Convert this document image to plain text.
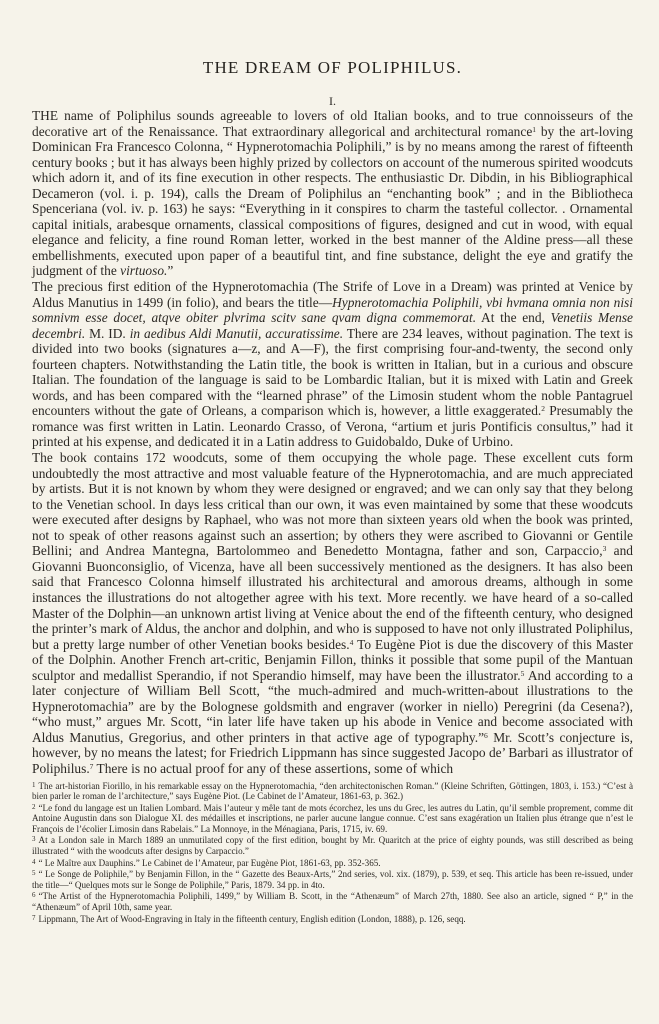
THE DREAM OF POLIPHILUS.
I.

THE name of Poliphilus sounds agreeable to lovers of old Italian books, and to true connoisseurs of the decorative art of the Renaissance. That extraordinary allegorical and architectural romance$^1$ by the art-loving Dominican Fra Francesco Colonna, “ Hypnerotomachia Poliphili,” is by no means among the rarest of fifteenth century books ; but it has always been highly prized by collectors on account of the numerous spirited woodcuts which adorn it, and of its fine execution in other respects. The enthusiastic Dr. Dibdin, in his Bibliographical Decameron (vol. i. p. 194), calls the Dream of Poliphilus an “enchanting book” ; and in the Bibliotheca Spenceriana (vol. iv. p. 163) he says: “Everything in it conspires to charm the tasteful collector. . Ornamental capital initials, arabesque ornaments, classical compositions of figures, designed and cut in wood, with equal elegance and felicity, a fine round Roman letter, worked in the best manner of the Aldine press—all these embellishments, executed upon paper of a beautiful tint, and fine substance, delight the eye and gratify the judgment of the virtuoso.”

The precious first edition of the Hypnerotomachia (The Strife of Love in a Dream) was printed at Venice by Aldus Manutius in 1499 (in folio), and bears the title—Hypnerotomachia Poliphili, vbi hvmana omnia non nisi somnivm esse docet, atqve obiter plvrima scitv sane qvam digna commemorat. At the end, Venetiis Mense decembri. M. ID. in aedibus Aldi Manutii, accuratissime. There are 234 leaves, without pagination. The text is divided into two books (signatures a—z, and A—F), the first comprising four-and-twenty, the second only fourteen chapters. Notwithstanding the Latin title, the book is written in Italian, but in a curious and obscure Italian. The foundation of the language is said to be Lombardic Italian, but it is mixed with Latin and Greek words, and has been compared with the “learned phrase” of the Limosin student whom the noble Pantagruel encounters without the gate of Orleans, a comparison which is, however, a little exaggerated.$^2$ Presumably the romance was first written in Latin. Leonardo Crasso, of Verona, “artium et juris Pontificis consultus,” had it printed at his expense, and dedicated it in a Latin address to Guidobaldo, Duke of Urbino.

The book contains 172 woodcuts, some of them occupying the whole page. These excellent cuts form undoubtedly the most attractive and most valuable feature of the Hypnerotomachia, and are much appreciated by artists. But it is not known by whom they were designed or engraved; and we can only say that they belong to the Venetian school. In days less critical than our own, it was even maintained by some that these woodcuts were executed after designs by Raphael, who was not more than sixteen years old when the book was printed, not to speak of other reasons against such an assertion; by others they were ascribed to Giovanni or Gentile Bellini; and Andrea Mantegna, Bartolommeo and Benedetto Montagna, father and son, Carpaccio,$^3$ and Giovanni Buonconsiglio, of Vicenza, have all been successively mentioned as the designers. It has also been said that Francesco Colonna himself illustrated his architectural and amorous dreams, although in some instances the illustrations do not altogether agree with his text. More recently. we have heard of a so-called Master of the Dolphin—an unknown artist living at Venice about the end of the fifteenth century, who designed the printer’s mark of Aldus, the anchor and dolphin, and who is supposed to have not only illustrated Poliphilus, but a pretty large number of other Venetian books besides.$^4$ To Eugène Piot is due the discovery of this Master of the Dolphin. Another French art-critic, Benjamin Fillon, thinks it possible that some pupil of the Mantuan sculptor and medallist Sperandio, if not Sperandio himself, may have been the illustrator.$^5$ And according to a later conjecture of William Bell Scott, “the much-admired and much-written-about illustrations to the Hypnerotomachia” are by the Bolognese goldsmith and engraver (worker in niello) Peregrini (da Cesena?), “who must,” argues Mr. Scott, “in later life have taken up his abode in Venice and become associated with Aldus Manutius, Gregorius, and other printers in that active age of typography.”$^6$ Mr. Scott’s conjecture is, however, by no means the latest; for Friedrich Lippmann has since suggested Jacopo de’ Barbari as illustrator of Poliphilus.$^7$ There is no actual proof for any of these assertions, some of which

$^1$ The art-historian Fiorillo, in his remarkable essay on the Hypnerotomachia, “den architectonischen Roman.” (Kleine Schriften, Göttingen, 1803, i. 153.) “C’est à bien parler le roman de l’architecture,” says Eugène Piot. (Le Cabinet de l’Amateur, 1861-63, p. 362.)

$^2$ “Le fond du langage est un Italien Lombard. Mais l’auteur y mêle tant de mots écorchez, les uns du Grec, les autres du Latin, qu’il semble proprement, comme dit Antoine Augustin dans son Dialogue XI. des médailles et inscriptions, ne parler aucune langue connue. C’est sans exagération un Italien plus étrange que n’est le François de l’écolier Limosin dans Rabelais.” La Monnoye, in the Ménagiana, Paris, 1715, iv. 69.

$^3$ At a London sale in March 1889 an unmutilated copy of the first edition, bought by Mr. Quaritch at the price of eighty pounds, was still described as being illustrated “ with the woodcuts after designs by Carpaccio.”

$^4$ “ Le Maître aux Dauphins.” Le Cabinet de l’Amateur, par Eugène Piot, 1861-63, pp. 352-365.

$^5$ “ Le Songe de Poliphile,” by Benjamin Fillon, in the “ Gazette des Beaux-Arts,” 2nd series, vol. xix. (1879), p. 539, et seq. This article has been re-issued, under the title—“ Quelques mots sur le Songe de Poliphile,” Paris, 1879. 34 pp. in 4to.

$^6$ “The Artist of the Hypnerotomachia Poliphili, 1499,” by William B. Scott, in the “Athenæum” of March 27th, 1880. See also an article, signed “ P,” in the “Athenæum” of April 10th, same year.

$^7$ Lippmann, The Art of Wood-Engraving in Italy in the fifteenth century, English edition (London, 1888), p. 126, seqq.
